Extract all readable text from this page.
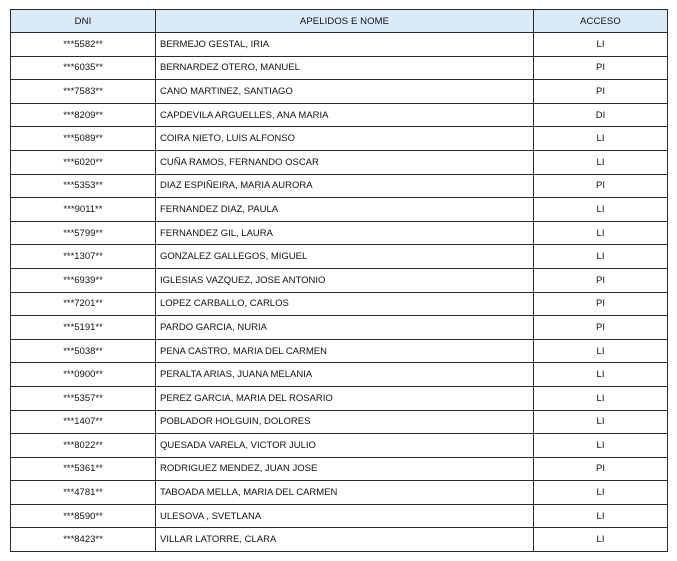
DNI	APELIDOS E NOME	ACCESO
***5582**	BERMEJO GESTAL, IRIA	LI
***6035**	BERNARDEZ OTERO, MANUEL	PI
***7583**	CANO MARTINEZ, SANTIAGO	PI
***8209**	CAPDEVILA ARGUELLES, ANA MARIA	DI
***5089**	COIRA NIETO, LUIS ALFONSO	LI
***6020**	CUÑA RAMOS, FERNANDO OSCAR	LI
***5353**	DIAZ ESPIÑEIRA, MARIA AURORA	PI
***9011**	FERNANDEZ DIAZ, PAULA	LI
***5799**	FERNANDEZ GIL, LAURA	LI
***1307**	GONZALEZ GALLEGOS, MIGUEL	LI
***6939**	IGLESIAS VAZQUEZ, JOSE ANTONIO	PI
***7201**	LOPEZ CARBALLO, CARLOS	PI
***5191**	PARDO GARCIA, NURIA	PI
***5038**	PENA CASTRO, MARIA DEL CARMEN	LI
***0900**	PERALTA ARIAS, JUANA MELANIA	LI
***5357**	PEREZ GARCIA, MARIA DEL ROSARIO	LI
***1407**	POBLADOR HOLGUIN, DOLORES	LI
***8022**	QUESADA VARELA, VICTOR JULIO	LI
***5361**	RODRIGUEZ MENDEZ, JUAN JOSE	PI
***4781**	TABOADA MELLA, MARIA DEL CARMEN	LI
***8590**	ULESOVA , SVETLANA	LI
***8423**	VILLAR LATORRE, CLARA	LI
